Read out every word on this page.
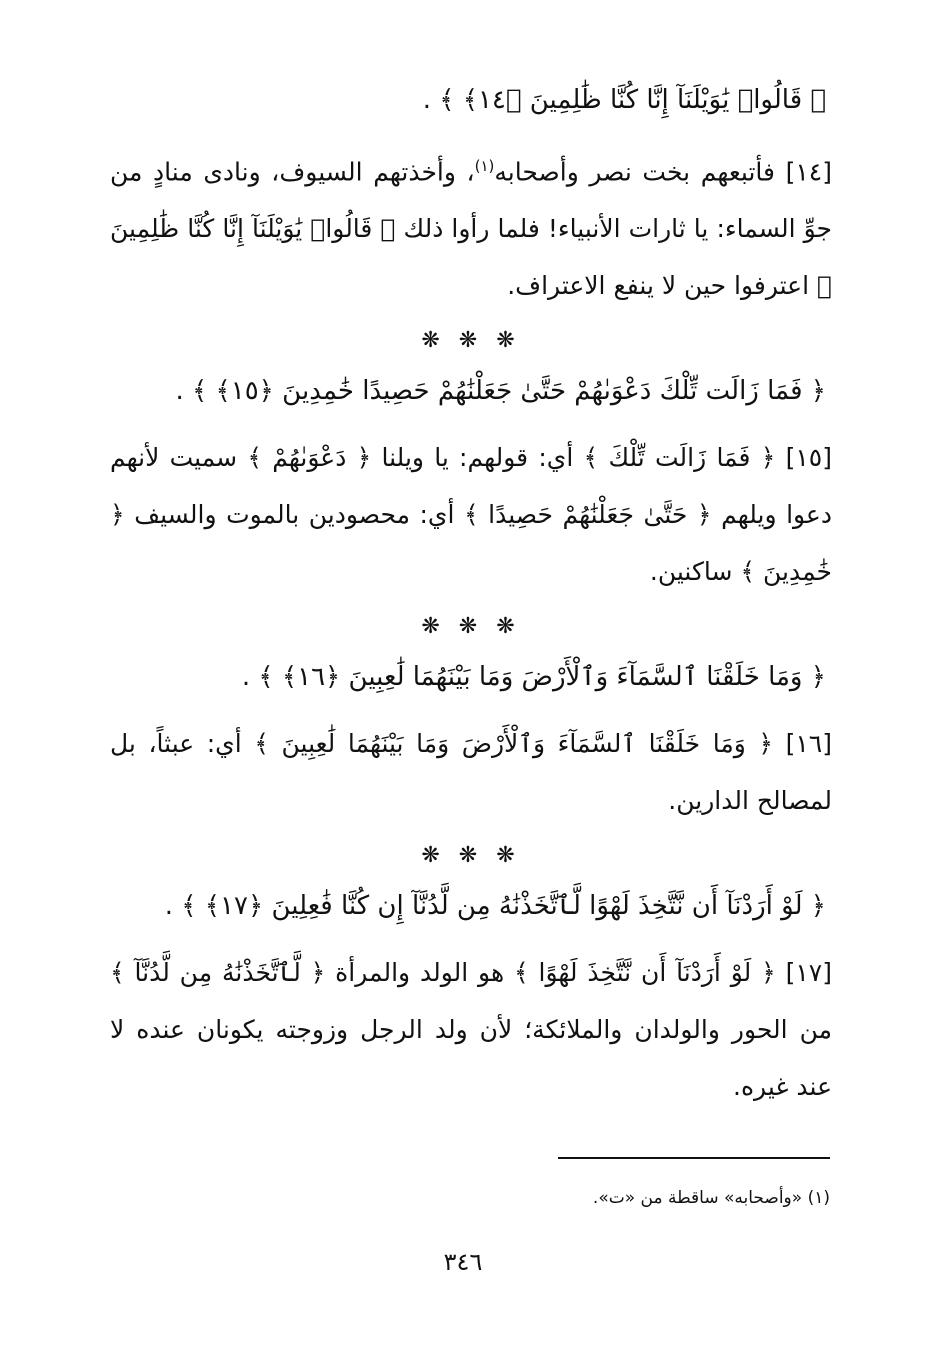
﴿ قَالُوا۟ يَٰوَيْلَنَآ إِنَّا كُنَّا ظَٰلِمِينَ ﴿١٤﴾ ﴾ .
[١٤] فأتبعهم بخت نصر وأصحابه$^{(١)}$، وأخذتهم السيوف، ونادى منادٍ من جوِّ السماء: يا ثارات الأنبياء! فلما رأوا ذلك ﴿ قَالُوا۟ يَٰوَيْلَنَآ إِنَّا كُنَّا ظَٰلِمِينَ ﴾ اعترفوا حين لا ينفع الاعتراف.
❋ ❋ ❋
﴿ فَمَا زَالَت تِّلْكَ دَعْوَىٰهُمْ حَتَّىٰ جَعَلْنَٰهُمْ حَصِيدًا خَٰمِدِينَ ﴿١٥﴾ ﴾ .
[١٥] ﴿ فَمَا زَالَت تِّلْكَ ﴾ أي: قولهم: يا ويلنا ﴿ دَعْوَىٰهُمْ ﴾ سميت لأنهم دعوا ويلهم ﴿ حَتَّىٰ جَعَلْنَٰهُمْ حَصِيدًا ﴾ أي: محصودين بالموت والسيف ﴿ خَٰمِدِينَ ﴾ ساكنين.
❋ ❋ ❋
﴿ وَمَا خَلَقْنَا ٱلسَّمَآءَ وَٱلْأَرْضَ وَمَا بَيْنَهُمَا لَٰعِبِينَ ﴿١٦﴾ ﴾ .
[١٦] ﴿ وَمَا خَلَقْنَا ٱلسَّمَآءَ وَٱلْأَرْضَ وَمَا بَيْنَهُمَا لَٰعِبِينَ ﴾ أي: عبثاً، بل لمصالح الدارين.
❋ ❋ ❋
﴿ لَوْ أَرَدْنَآ أَن نَّتَّخِذَ لَهْوًا لَّٱتَّخَذْنَٰهُ مِن لَّدُنَّآ إِن كُنَّا فَٰعِلِينَ ﴿١٧﴾ ﴾ .
[١٧] ﴿ لَوْ أَرَدْنَآ أَن نَّتَّخِذَ لَهْوًا ﴾ هو الولد والمرأة ﴿ لَّٱتَّخَذْنَٰهُ مِن لَّدُنَّآ ﴾ من الحور والولدان والملائكة؛ لأن ولد الرجل وزوجته يكونان عنده لا عند غيره.
(١) «وأصحابه» ساقطة من «ت».
٣٤٦
